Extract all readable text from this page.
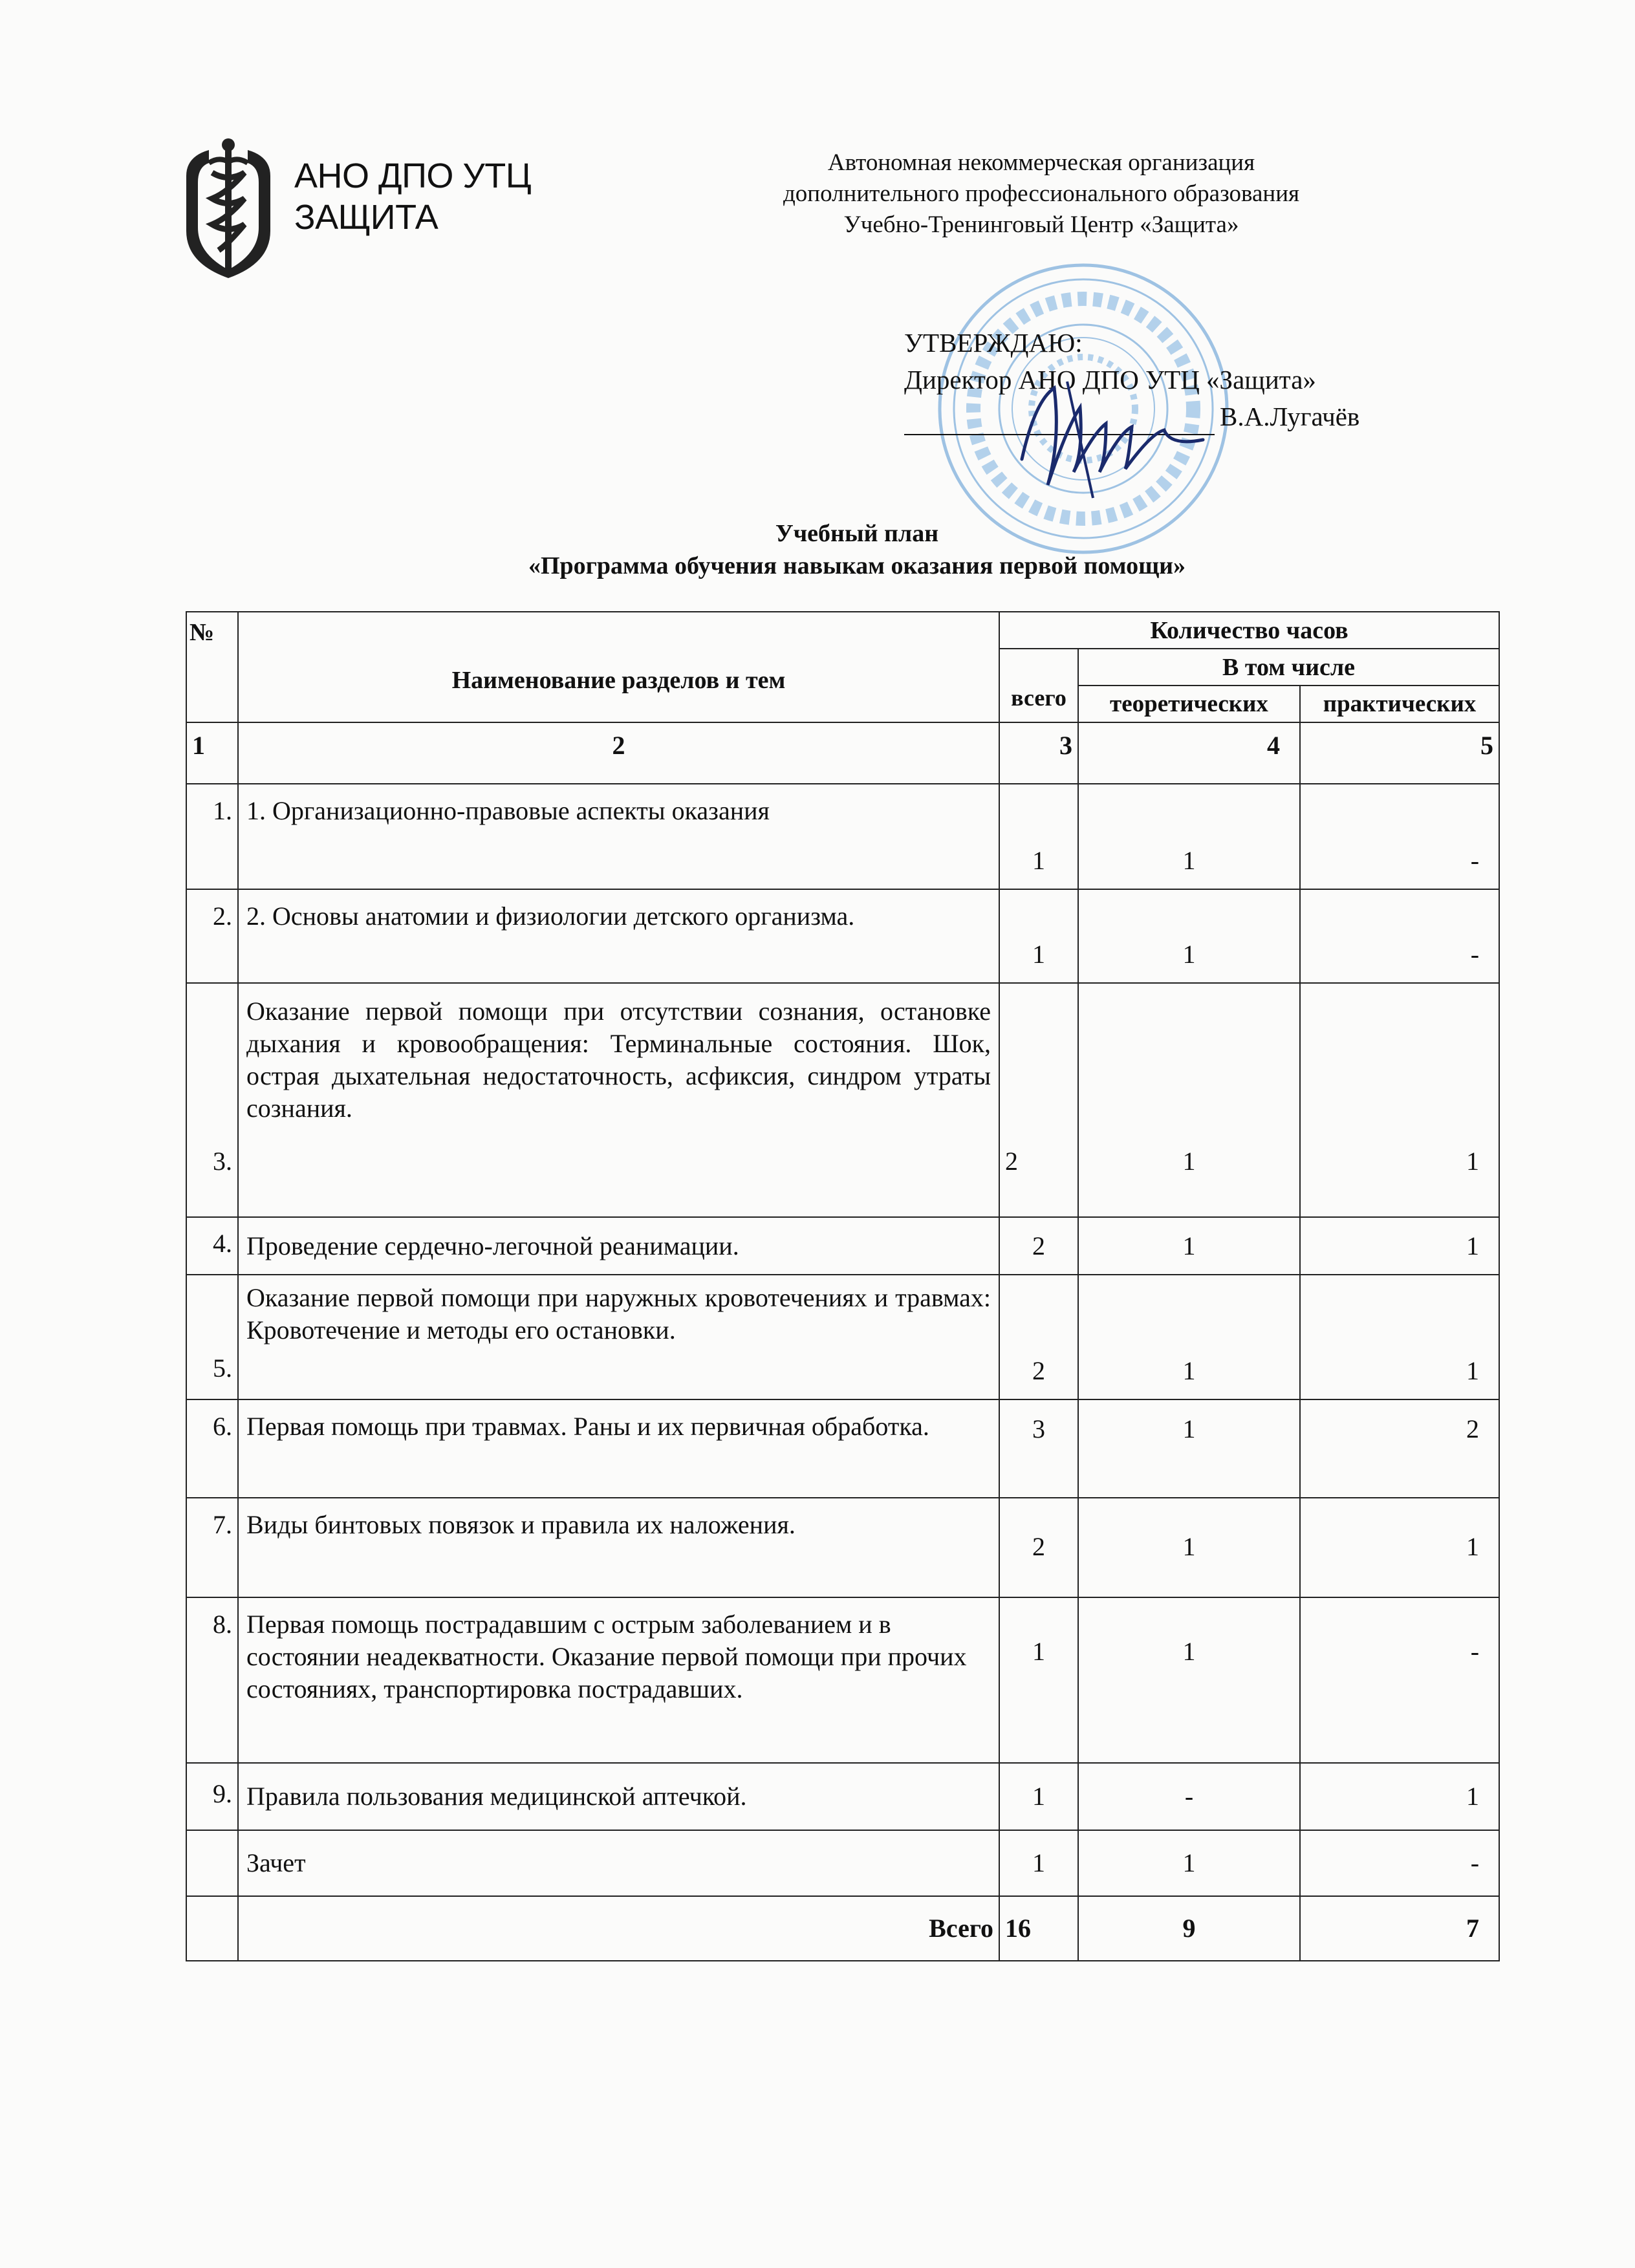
АНО ДПО УТЦ
ЗАЩИТА
Автономная некоммерческая организация
дополнительного профессионального образования
Учебно-Тренинговый Центр «Защита»
УТВЕРЖДАЮ:
Директор АНО ДПО УТЦ «Защита»
В.А.Лугачёв
Учебный план
«Программа обучения навыкам оказания первой помощи»
№	Наименование разделов и тем	Количество часов		
		всего	В том числе	
			теоретических	практических
1	2	3	4	5
1.	1. Организационно-правовые аспекты оказания	1	1	-
2.	2. Основы анатомии и физиологии детского организма.	1	1	-
3.	Оказание первой помощи при отсутствии сознания, остановке дыхания и кровообращения: Терминальные состояния. Шок, острая дыхательная недостаточность, асфиксия, синдром утраты сознания.	2	1	1
4.	Проведение сердечно-легочной реанимации.	2	1	1
5.	Оказание первой помощи при наружных кровотечениях и травмах: Кровотечение и методы его остановки.	2	1	1
6.	Первая помощь при травмах. Раны и их первичная обработка.	3	1	2
7.	Виды бинтовых повязок и правила их наложения.	2	1	1
8.	Первая помощь пострадавшим с острым заболеванием и в состоянии неадекватности. Оказание первой помощи при прочих состояниях, транспортировка пострадавших.	1	1	-
9.	Правила пользования медицинской аптечкой.	1	-	1
	Зачет	1	1	-
	Всего	16	9	7
